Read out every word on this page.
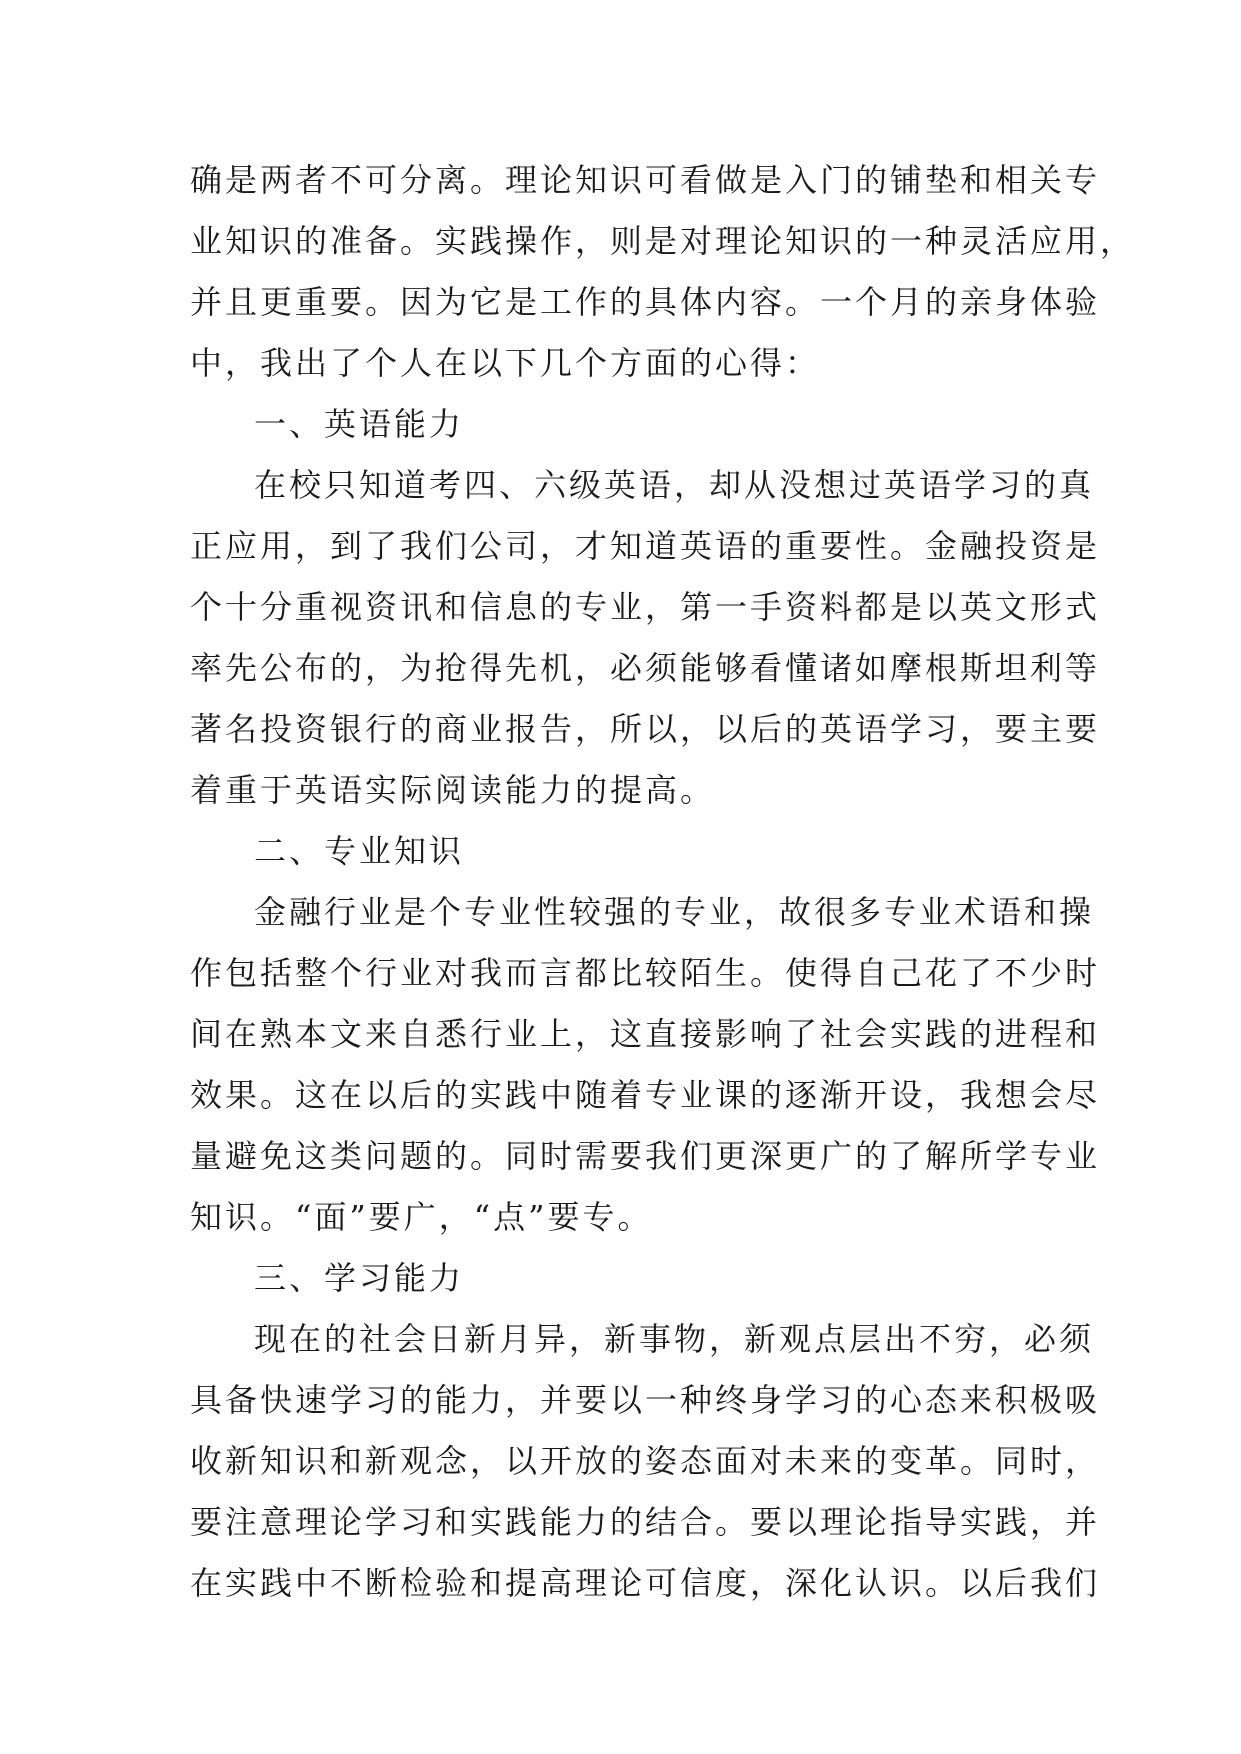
确是两者不可分离。理论知识可看做是入门的铺垫和相关专
业知识的准备。实践操作，则是对理论知识的一种灵活应用，
并且更重要。因为它是工作的具体内容。一个月的亲身体验
中，我出了个人在以下几个方面的心得：
一、英语能力
在校只知道考四、六级英语，却从没想过英语学习的真
正应用，到了我们公司，才知道英语的重要性。金融投资是
个十分重视资讯和信息的专业，第一手资料都是以英文形式
率先公布的，为抢得先机，必须能够看懂诸如摩根斯坦利等
著名投资银行的商业报告，所以，以后的英语学习，要主要
着重于英语实际阅读能力的提高。
二、专业知识
金融行业是个专业性较强的专业，故很多专业术语和操
作包括整个行业对我而言都比较陌生。使得自己花了不少时
间在熟本文来自悉行业上，这直接影响了社会实践的进程和
效果。这在以后的实践中随着专业课的逐渐开设，我想会尽
量避免这类问题的。同时需要我们更深更广的了解所学专业
知识。“面”要广，“点”要专。
三、学习能力
现在的社会日新月异，新事物，新观点层出不穷，必须
具备快速学习的能力，并要以一种终身学习的心态来积极吸
收新知识和新观念，以开放的姿态面对未来的变革。同时，
要注意理论学习和实践能力的结合。要以理论指导实践，并
在实践中不断检验和提高理论可信度，深化认识。以后我们
